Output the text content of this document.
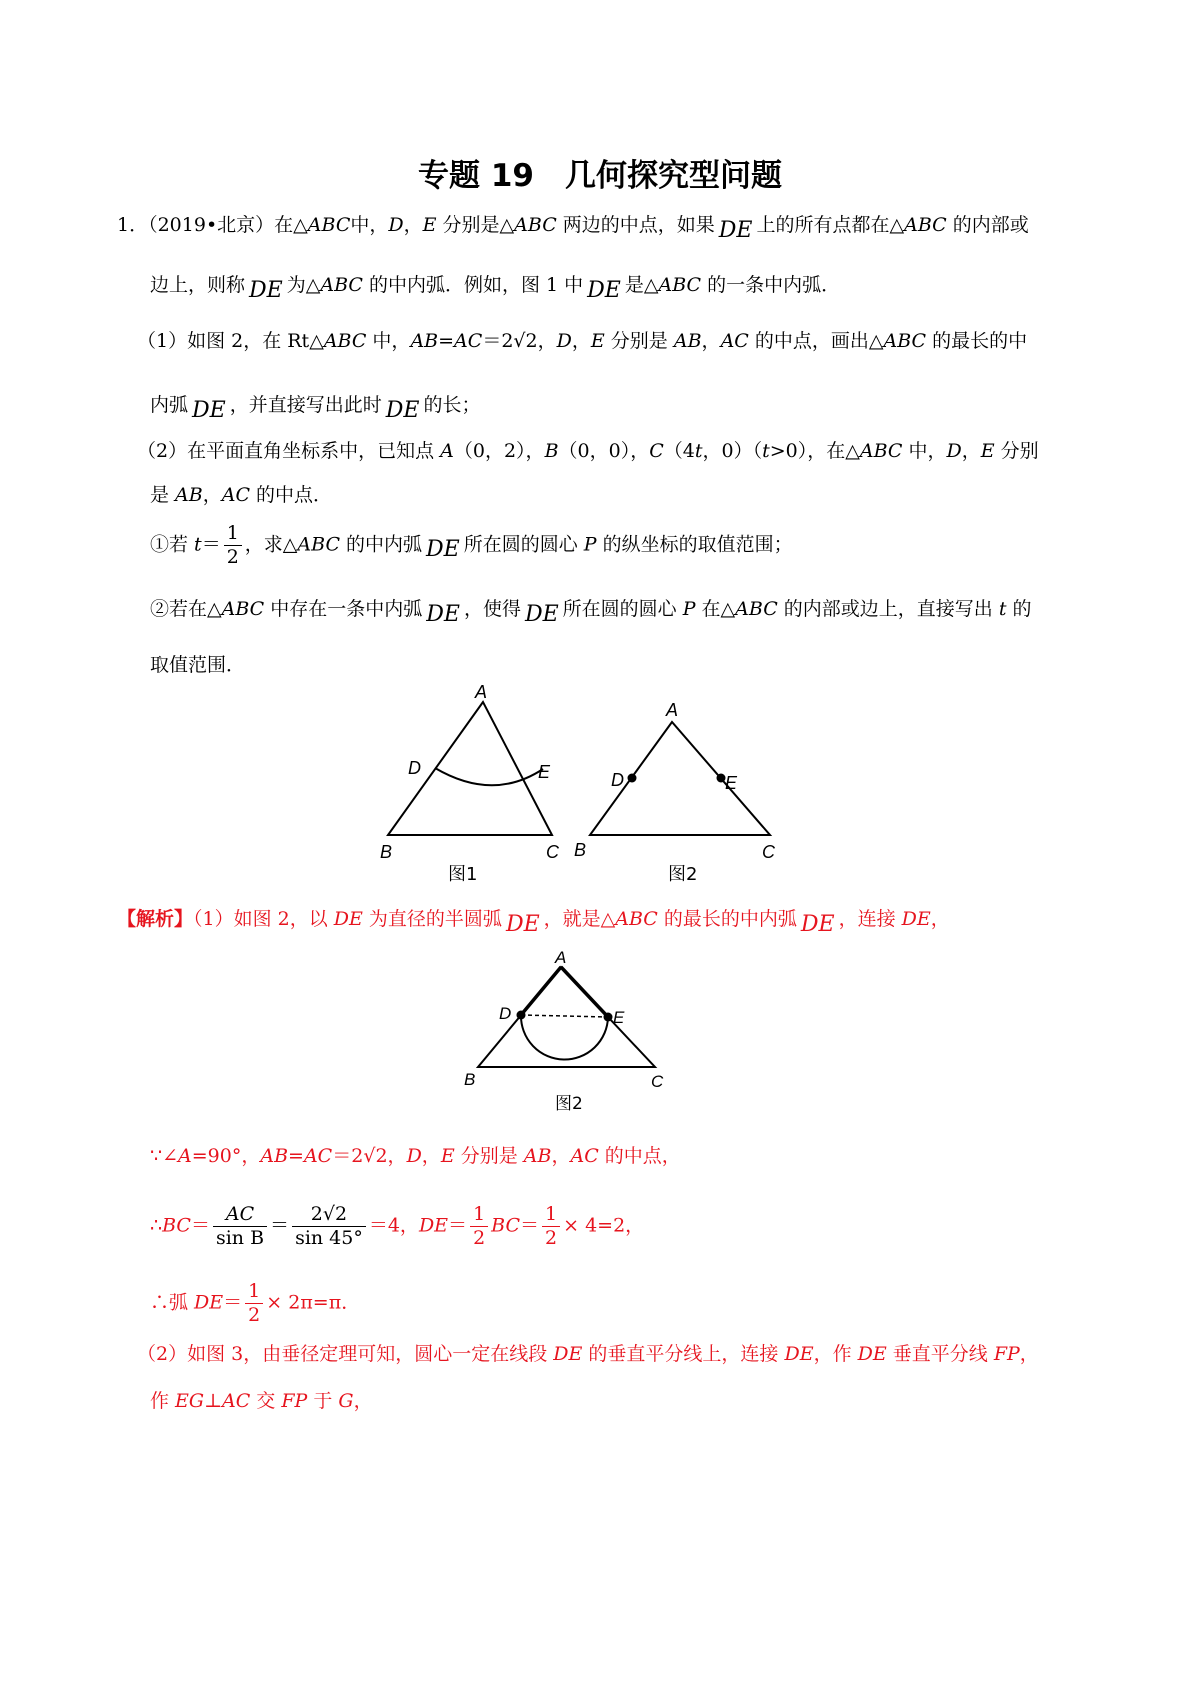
专题 19　几何探究型问题
1．（2019•北京）在△ABC中，D，E 分别是△ABC 两边的中点，如果 DE 上的所有点都在△ABC 的内部或
边上，则称 DE 为△ABC 的中内弧．例如，图 1 中 DE 是△ABC 的一条中内弧．
（1）如图 2，在 Rt△ABC 中，AB=AC＝2√2，D，E 分别是 AB，AC 的中点，画出△ABC 的最长的中
内弧 DE ，并直接写出此时 DE 的长；
（2）在平面直角坐标系中，已知点 A（0，2），B（0，0），C（4t，0）（t>0），在△ABC 中，D，E 分别
是 AB，AC 的中点．
①若 $t= \frac{1}{2}$ ，求△ABC 的中内弧 DE 所在圆的圆心 P 的纵坐标的取值范围；
②若在△ABC 中存在一条中内弧 DE ，使得 DE 所在圆的圆心 P 在△ABC 的内部或边上，直接写出 t 的
取值范围．
A
B	C
D	E
图1
A
B	C
D	E
图2
【解析】（1）如图 2，以 DE 为直径的半圆弧 DE ，就是△ABC 的最长的中内弧 DE ，连接 DE，
A
B	C
D	E
图2
∵∠A=90°，AB=AC＝2√2，D，E 分别是 AB，AC 的中点，
∴BC＝ $\frac{AC}{\text{sin B}} = \frac{2√2}{\sin 45^\circ} =4$，$DE= \frac{1}{2} BC= \frac{1}{2} \times 4=2$，
∴弧 $DE= \frac{1}{2} \times 2\pi=\pi$．
（2）如图 3，由垂径定理可知，圆心一定在线段 DE 的垂直平分线上，连接 DE，作 DE 垂直平分线 FP，
作 EG⊥AC 交 FP 于 G，
